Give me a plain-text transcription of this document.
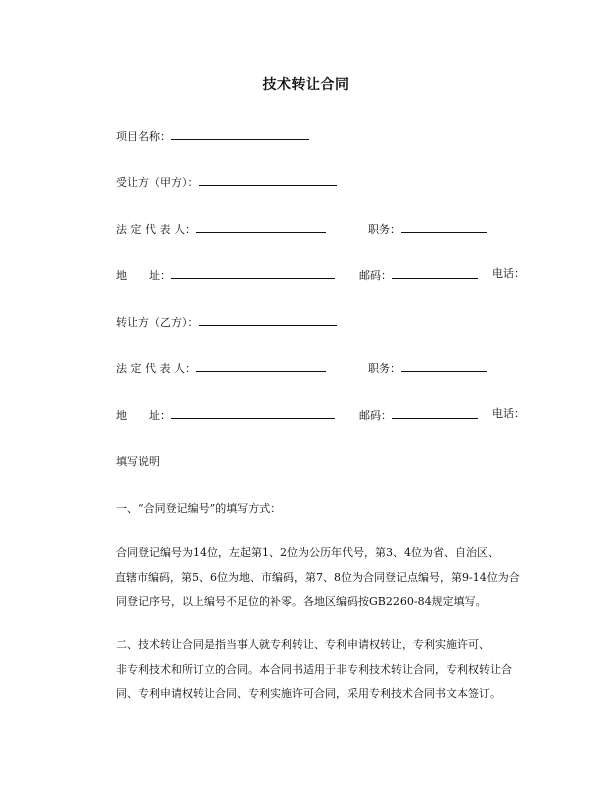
技术转让合同
项目名称：
受让方（甲方）：
法 定 代 表 人：	职务：
地　　址：	邮码：	电话：
转让方（乙方）：
法 定 代 表 人：	职务：
地　　址：	邮码：	电话：
填写说明
一、“合同登记编号”的填写方式：
合同登记编号为14位，左起第1、2位为公历年代号，第3、4位为省、自治区、
直辖市编码，第5、6位为地、市编码，第7、8位为合同登记点编号，第9-14位为合
同登记序号，以上编号不足位的补零。各地区编码按GB2260-84规定填写。
二、技术转让合同是指当事人就专利转让、专利申请权转让，专利实施许可、
非专利技术和所订立的合同。本合同书适用于非专利技术转让合同，专利权转让合
同、专利申请权转让合同、专利实施许可合同，采用专利技术合同书文本签订。
